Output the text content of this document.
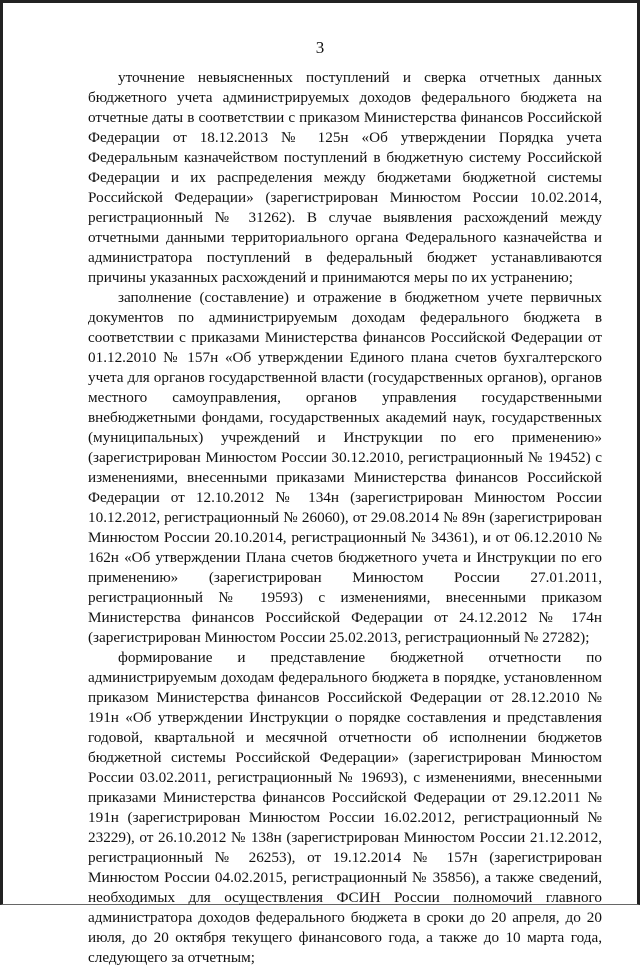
3

уточнение невыясненных поступлений и сверка отчетных данных бюджетного учета администрируемых доходов федерального бюджета на отчетные даты в соответствии с приказом Министерства финансов Российской Федерации от 18.12.2013 № 125н «Об утверждении Порядка учета Федеральным казначейством поступлений в бюджетную систему Российской Федерации и их распределения между бюджетами бюджетной системы Российской Федерации» (зарегистрирован Минюстом России 10.02.2014, регистрационный № 31262). В случае выявления расхождений между отчетными данными территориального органа Федерального казначейства и администратора поступлений в федеральный бюджет устанавливаются причины указанных расхождений и принимаются меры по их устранению;

заполнение (составление) и отражение в бюджетном учете первичных документов по администрируемым доходам федерального бюджета в соответствии с приказами Министерства финансов Российской Федерации от 01.12.2010 № 157н «Об утверждении Единого плана счетов бухгалтерского учета для органов государственной власти (государственных органов), органов местного самоуправления, органов управления государственными внебюджетными фондами, государственных академий наук, государственных (муниципальных) учреждений и Инструкции по его применению» (зарегистрирован Минюстом России 30.12.2010, регистрационный № 19452) с изменениями, внесенными приказами Министерства финансов Российской Федерации от 12.10.2012 № 134н (зарегистрирован Минюстом России 10.12.2012, регистрационный № 26060), от 29.08.2014 № 89н (зарегистрирован Минюстом России 20.10.2014, регистрационный № 34361), и от 06.12.2010 № 162н «Об утверждении Плана счетов бюджетного учета и Инструкции по его применению» (зарегистрирован Минюстом России 27.01.2011, регистрационный № 19593) с изменениями, внесенными приказом Министерства финансов Российской Федерации от 24.12.2012 № 174н (зарегистрирован Минюстом России 25.02.2013, регистрационный № 27282);

формирование и представление бюджетной отчетности по администрируемым доходам федерального бюджета в порядке, установленном приказом Министерства финансов Российской Федерации от 28.12.2010 № 191н «Об утверждении Инструкции о порядке составления и представления годовой, квартальной и месячной отчетности об исполнении бюджетов бюджетной системы Российской Федерации» (зарегистрирован Минюстом России 03.02.2011, регистрационный № 19693), с изменениями, внесенными приказами Министерства финансов Российской Федерации от 29.12.2011 № 191н (зарегистрирован Минюстом России 16.02.2012, регистрационный № 23229), от 26.10.2012 № 138н (зарегистрирован Минюстом России 21.12.2012, регистрационный № 26253), от 19.12.2014 № 157н (зарегистрирован Минюстом России 04.02.2015, регистрационный № 35856), а также сведений, необходимых для осуществления ФСИН России полномочий главного администратора доходов федерального бюджета в сроки до 20 апреля, до 20 июля, до 20 октября текущего финансового года, а также до 10 марта года, следующего за отчетным;
